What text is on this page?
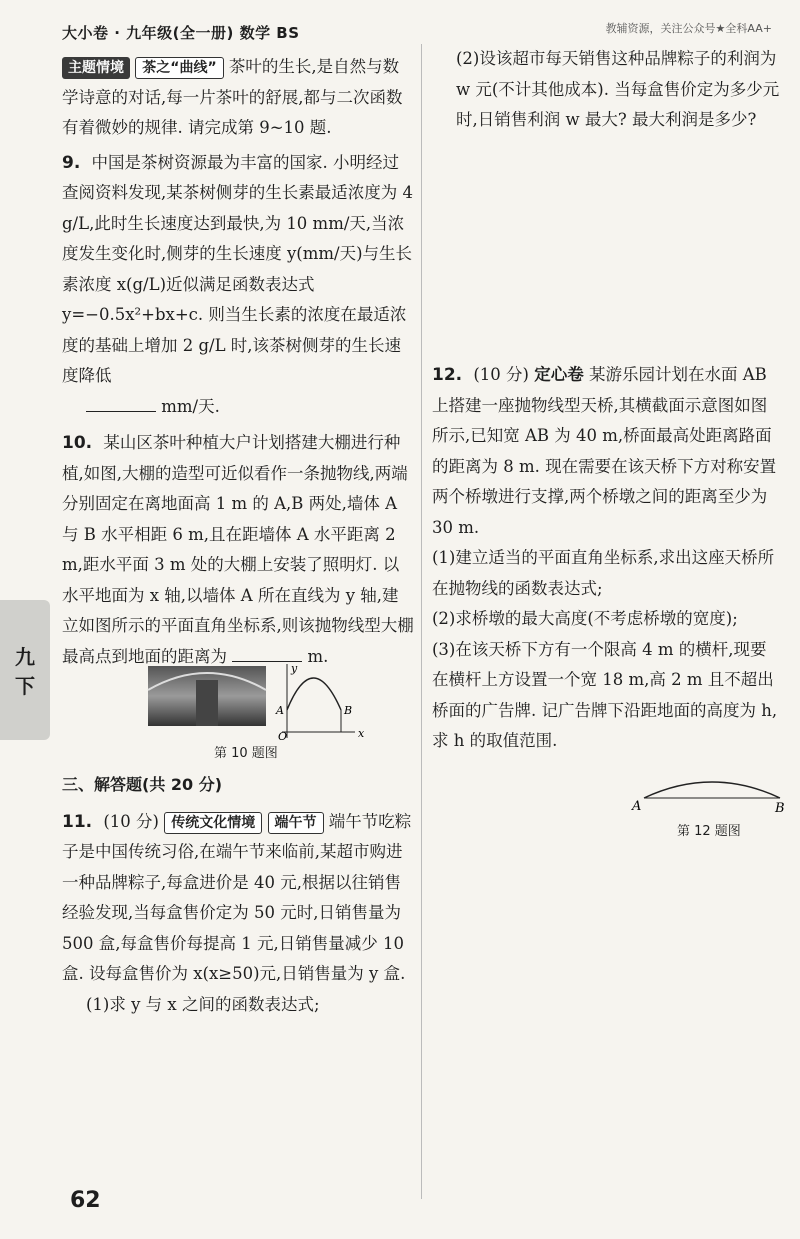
大小卷 · 九年级(全一册) 数学 BS	教辅资源，关注公众号★全科AA+
九
下

主题情境 茶之“曲线” 茶叶的生长,是自然与数学诗意的对话,每一片茶叶的舒展,都与二次函数有着微妙的规律. 请完成第 9~10 题.

9. 中国是茶树资源最为丰富的国家. 小明经过查阅资料发现,某茶树侧芽的生长素最适浓度为 4 g/L,此时生长速度达到最快,为 10 mm/天,当浓度发生变化时,侧芽的生长速度 y(mm/天)与生长素浓度 x(g/L)近似满足函数表达式 y=−0.5x²+bx+c. 则当生长素的浓度在最适浓度的基础上增加 2 g/L 时,该茶树侧芽的生长速度降低

mm/天.

10. 某山区茶叶种植大户计划搭建大棚进行种植,如图,大棚的造型可近似看作一条抛物线,两端分别固定在离地面高 1 m 的 A,B 两处,墙体 A 与 B 水平相距 6 m,且在距墙体 A 水平距离 2 m,距水平面 3 m 处的大棚上安装了照明灯. 以水平地面为 x 轴,以墙体 A 所在直线为 y 轴,建立如图所示的平面直角坐标系,则该抛物线型大棚最高点到地面的距离为	m.

y
x
A	B
O
第 10 题图

三、解答题(共 20 分)

11. (10 分) 传统文化情境 端午节 端午节吃粽子是中国传统习俗,在端午节来临前,某超市购进一种品牌粽子,每盒进价是 40 元,根据以往销售经验发现,当每盒售价定为 50 元时,日销售量为 500 盒,每盒售价每提高 1 元,日销售量减少 10 盒. 设每盒售价为 x(x≥50)元,日销售量为 y 盒.

(1)求 y 与 x 之间的函数表达式;

(2)设该超市每天销售这种品牌粽子的利润为 w 元(不计其他成本). 当每盒售价定为多少元时,日销售利润 w 最大? 最大利润是多少?

12. (10 分) 定心卷 某游乐园计划在水面 AB 上搭建一座抛物线型天桥,其横截面示意图如图所示,已知宽 AB 为 40 m,桥面最高处距离路面的距离为 8 m. 现在需要在该天桥下方对称安置两个桥墩进行支撑,两个桥墩之间的距离至少为 30 m.

(1)建立适当的平面直角坐标系,求出这座天桥所在抛物线的函数表达式;

(2)求桥墩的最大高度(不考虑桥墩的宽度);

(3)在该天桥下方有一个限高 4 m 的横杆,现要在横杆上方设置一个宽 18 m,高 2 m 且不超出桥面的广告牌. 记广告牌下沿距地面的高度为 h,求 h 的取值范围.

A	B
第 12 题图
62
